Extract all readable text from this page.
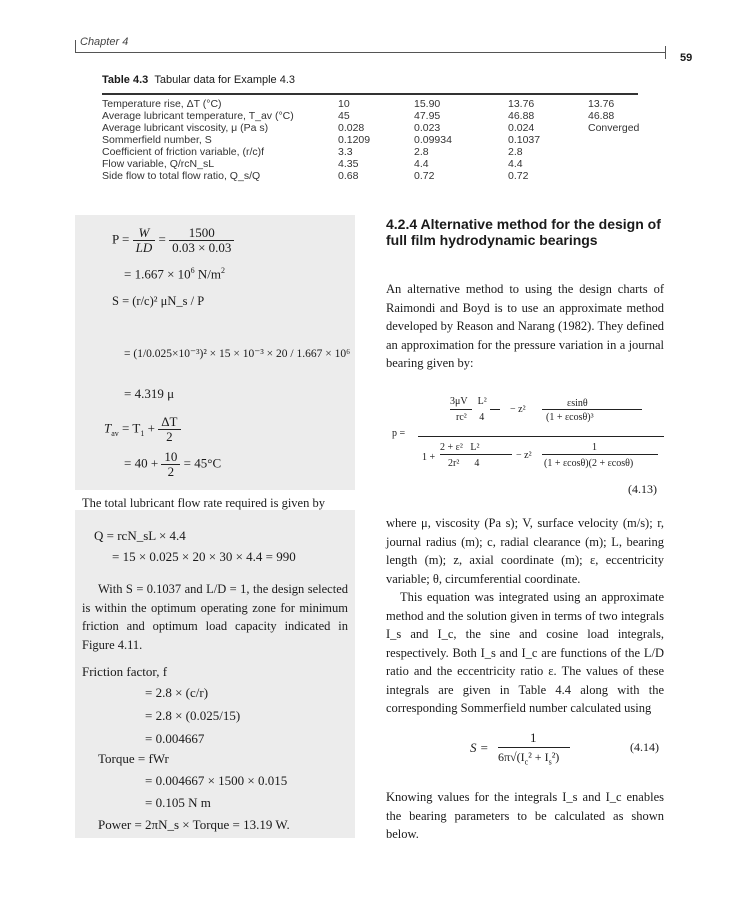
Chapter 4
59
Table 4.3 Tabular data for Example 4.3
Temperature rise, ΔT (°C)	10	15.90	13.76	13.76
Average lubricant temperature, T_av (°C)	45	47.95	46.88	46.88
Average lubricant viscosity, μ (Pa s)	0.028	0.023	0.024	Converged
Sommerfield number, S	0.1209	0.09934	0.1037
Coefficient of friction variable, (r/c)f	3.3	2.8	2.8
Flow variable, Q/rcN_sL	4.35	4.4	4.4
Side flow to total flow ratio, Q_s/Q	0.68	0.72	0.72
$P = \frac{W}{LD} = \frac{1500}{0.03 \times 0.03}$
= $1.667 \times 10^6$ $N/m^2$
S = (r/c)² μN_s / P
= (1/0.025×10⁻³)² × 15 × 10⁻³ × 20 / 1.667 × 10⁶
= 4.319 μ
$T_{av} = T_1 + \frac{\Delta T}{2}$
= $40 + \frac{10}{2} = 45^\circ C$
The total lubricant flow rate required is given by
Q = rcN_sL × 4.4
= 15 × 0.025 × 20 × 30 × 4.4 = 990
With S = 0.1037 and L/D = 1, the design selected is within the optimum operating zone for minimum friction and optimum load capacity indicated in Figure 4.11.
Friction factor, f
= 2.8 × (c/r)
= 2.8 × (0.025/15)
= 0.004667
Torque = fWr
= 0.004667 × 1500 × 0.015
= 0.105 N m
Power = 2πN_s × Torque = 13.19 W.
4.2.4 Alternative method for the design of full film hydrodynamic bearings
An alternative method to using the design charts of Raimondi and Boyd is to use an approximate method developed by Reason and Narang (1982). They defined an approximation for the pressure variation in a journal bearing given by:
p =
3μV    L²
rc²     4
− z²
εsinθ
(1 + εcosθ)³
1 +
2 + ε²   L²
2r²      4
− z²
1
(1 + εcosθ)(2 + εcosθ)
(4.13)
where μ, viscosity (Pa s); V, surface velocity (m/s); r, journal radius (m); c, radial clearance (m); L, bearing length (m); z, axial coordinate (m); ε, eccentricity variable; θ, circumferential coordinate.
This equation was integrated using an approximate method and the solution given in terms of two integrals I_s and I_c, the sine and cosine load integrals, respectively. Both I_s and I_c are functions of the L/D ratio and the eccentricity ratio ε. The values of these integrals are given in Table 4.4 along with the corresponding Sommerfield number calculated using
S =
1
$6\pi√(I_c^2 + I_s^2)$
(4.14)
Knowing values for the integrals I_s and I_c enables the bearing parameters to be calculated as shown below.
